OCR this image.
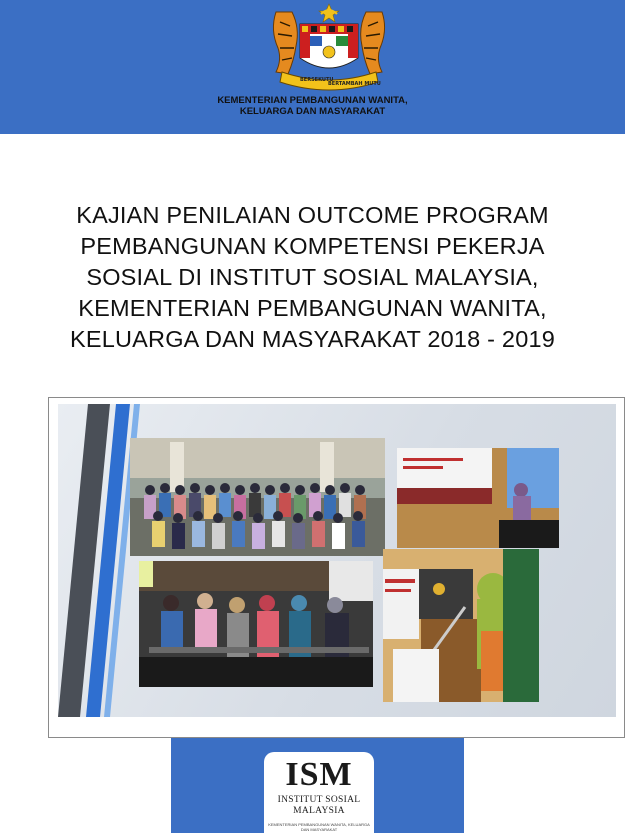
BERSEKUTU
BERTAMBAH MUTU
KEMENTERIAN PEMBANGUNAN WANITA,
KELUARGA DAN MASYARAKAT
KAJIAN PENILAIAN OUTCOME PROGRAM
PEMBANGUNAN KOMPETENSI PEKERJA
SOSIAL DI INSTITUT SOSIAL MALAYSIA,
KEMENTERIAN PEMBANGUNAN WANITA,
KELUARGA DAN MASYARAKAT 2018 - 2019
ISM
INSTITUT SOSIAL
MALAYSIA
KEMENTERIAN PEMBANGUNAN WANITA, KELUARGA DAN MASYARAKAT
